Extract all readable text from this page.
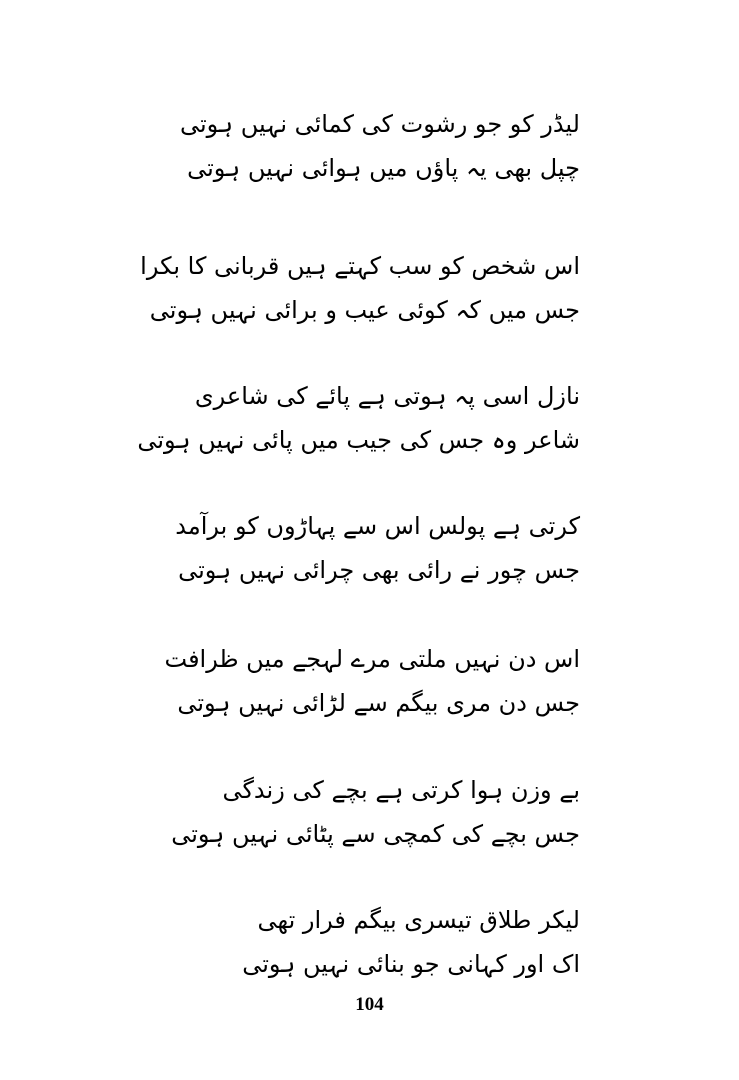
لیڈر کو جو رشوت کی کمائی نہیں ہوتی
چپل بھی یہ پاؤں میں ہوائی نہیں ہوتی
اس شخص کو سب کہتے ہیں قربانی کا بکرا
جس میں کہ کوئی عیب و برائی نہیں ہوتی
نازل اسی پہ ہوتی ہے پائے کی شاعری
شاعر وہ جس کی جیب میں پائی نہیں ہوتی
کرتی ہے پولس اس سے پہاڑوں کو برآمد
جس چور نے رائی بھی چرائی نہیں ہوتی
اس دن نہیں ملتی مرے لہجے میں ظرافت
جس دن مری بیگم سے لڑائی نہیں ہوتی
بے وزن ہوا کرتی ہے بچے کی زندگی
جس بچے کی کمچی سے پٹائی نہیں ہوتی
لیکر طلاق تیسری بیگم فرار تھی
اک اور کہانی جو بنائی نہیں ہوتی
104
